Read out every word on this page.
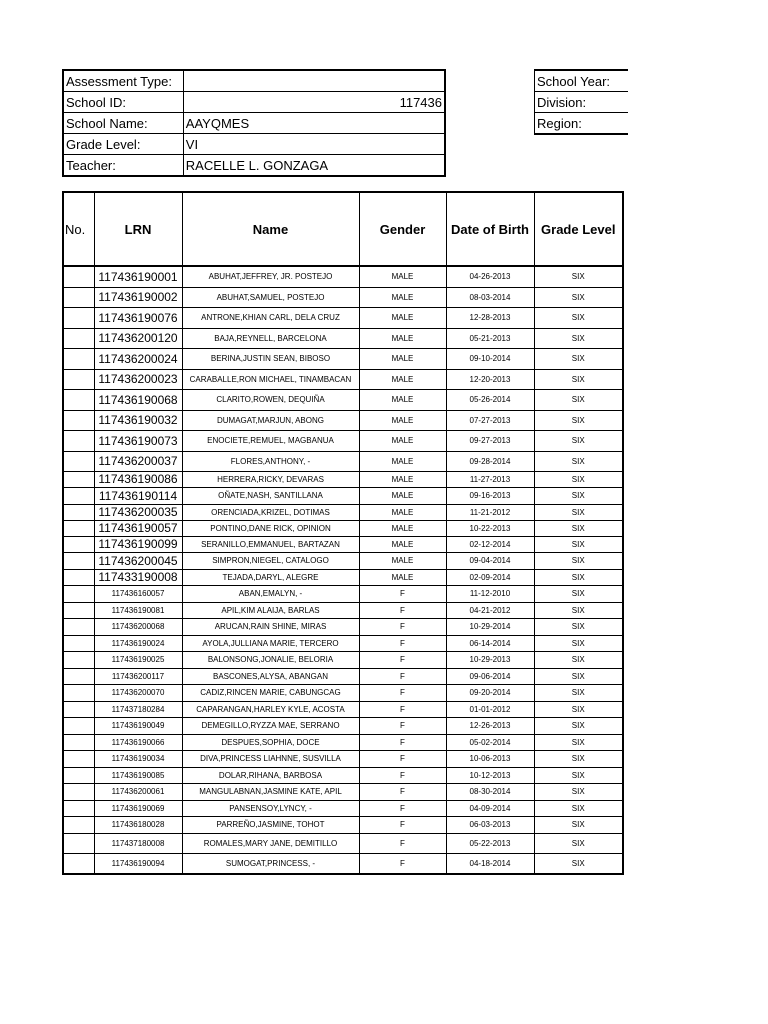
Assessment Type:	
School ID:	117436
School Name:	AAYQMES
Grade Level:	VI
Teacher:	RACELLE L. GONZAGA
School Year:	
Division:	
Region:	
No.	LRN	Name	Gender	Date of Birth	Grade Level
	117436190001	ABUHAT,JEFFREY, JR. POSTEJO	MALE	04-26-2013	SIX
	117436190002	ABUHAT,SAMUEL, POSTEJO	MALE	08-03-2014	SIX
	117436190076	ANTRONE,KHIAN CARL, DELA CRUZ	MALE	12-28-2013	SIX
	117436200120	BAJA,REYNELL, BARCELONA	MALE	05-21-2013	SIX
	117436200024	BERINA,JUSTIN SEAN, BIBOSO	MALE	09-10-2014	SIX
	117436200023	CARABALLE,RON MICHAEL, TINAMBACAN	MALE	12-20-2013	SIX
	117436190068	CLARITO,ROWEN, DEQUIÑA	MALE	05-26-2014	SIX
	117436190032	DUMAGAT,MARJUN, ABONG	MALE	07-27-2013	SIX
	117436190073	ENOCIETE,REMUEL, MAGBANUA	MALE	09-27-2013	SIX
	117436200037	FLORES,ANTHONY, -	MALE	09-28-2014	SIX
	117436190086	HERRERA,RICKY, DEVARAS	MALE	11-27-2013	SIX
	117436190114	OÑATE,NASH, SANTILLANA	MALE	09-16-2013	SIX
	117436200035	ORENCIADA,KRIZEL, DOTIMAS	MALE	11-21-2012	SIX
	117436190057	PONTINO,DANE RICK, OPINION	MALE	10-22-2013	SIX
	117436190099	SERANILLO,EMMANUEL, BARTAZAN	MALE	02-12-2014	SIX
	117436200045	SIMPRON,NIEGEL, CATALOGO	MALE	09-04-2014	SIX
	117433190008	TEJADA,DARYL, ALEGRE	MALE	02-09-2014	SIX
	117436160057	ABAN,EMALYN, -	F	11-12-2010	SIX
	117436190081	APIL,KIM ALAIJA, BARLAS	F	04-21-2012	SIX
	117436200068	ARUCAN,RAIN SHINE, MIRAS	F	10-29-2014	SIX
	117436190024	AYOLA,JULLIANA MARIE, TERCERO	F	06-14-2014	SIX
	117436190025	BALONSONG,JONALIE, BELORIA	F	10-29-2013	SIX
	117436200117	BASCONES,ALYSA, ABANGAN	F	09-06-2014	SIX
	117436200070	CADIZ,RINCEN MARIE, CABUNGCAG	F	09-20-2014	SIX
	117437180284	CAPARANGAN,HARLEY KYLE, ACOSTA	F	01-01-2012	SIX
	117436190049	DEMEGILLO,RYZZA MAE, SERRANO	F	12-26-2013	SIX
	117436190066	DESPUES,SOPHIA, DOCE	F	05-02-2014	SIX
	117436190034	DIVA,PRINCESS LIAHNNE, SUSVILLA	F	10-06-2013	SIX
	117436190085	DOLAR,RIHANA, BARBOSA	F	10-12-2013	SIX
	117436200061	MANGULABNAN,JASMINE KATE, APIL	F	08-30-2014	SIX
	117436190069	PANSENSOY,LYNCY, -	F	04-09-2014	SIX
	117436180028	PARREÑO,JASMINE, TOHOT	F	06-03-2013	SIX
	117437180008	ROMALES,MARY JANE, DEMITILLO	F	05-22-2013	SIX
	117436190094	SUMOGAT,PRINCESS, -	F	04-18-2014	SIX
